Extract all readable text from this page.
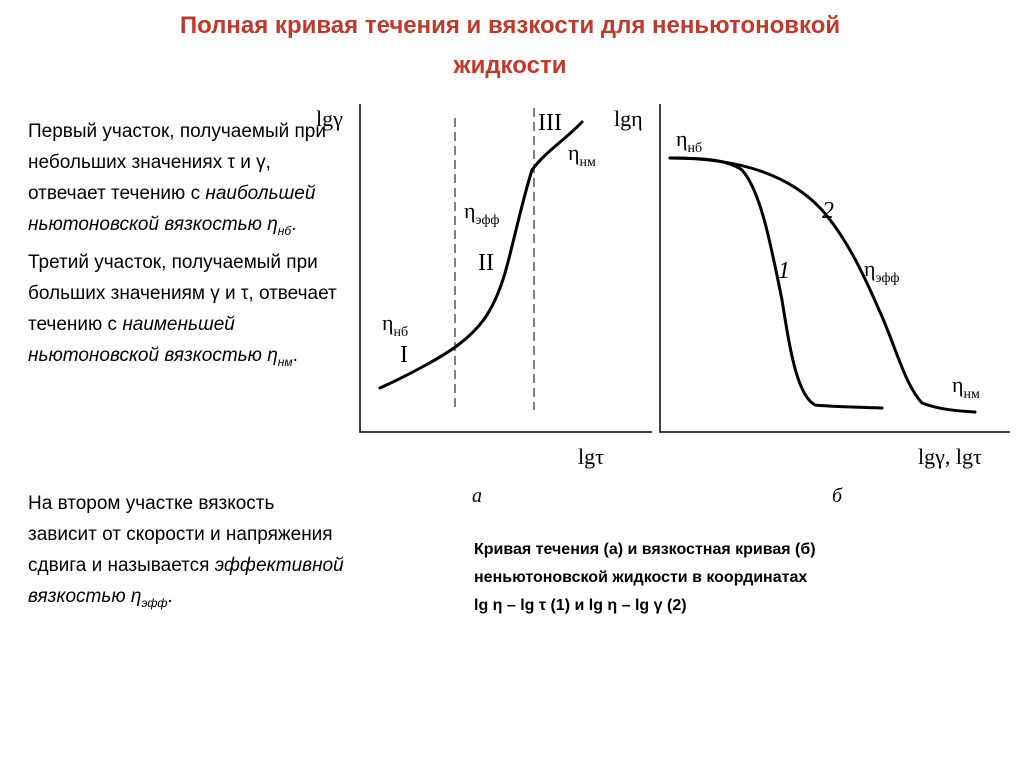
Полная кривая течения и вязкости для неньютоновкой
жидкости

Первый участок, получаемый при небольших значениях τ и γ, отвечает течению с наибольшей ньютоновской вязкостью $\eta_{нб}$.
Третий участок, получаемый при больших значениям γ и τ, отвечает течению с наименьшей ньютоновской вязкостью $\eta_{нм}$.

На втором участке вязкость зависит от скорости и напряжения сдвига и называется эффективной вязкостью $\eta_{эфф}$.

lgγ
lgτ
а
I
II
III
$\eta_{нб}$
$\eta_{эфф}$
$\eta_{нм}$
lgη
lgγ, lgτ
б
1
2
$\eta_{нб}$
$\eta_{эфф}$
$\eta_{нм}$
Кривая течения (а) и вязкостная кривая (б)
неньютоновской жидкости в координатах
lg η – lg τ (1) и lg η – lg γ (2)
